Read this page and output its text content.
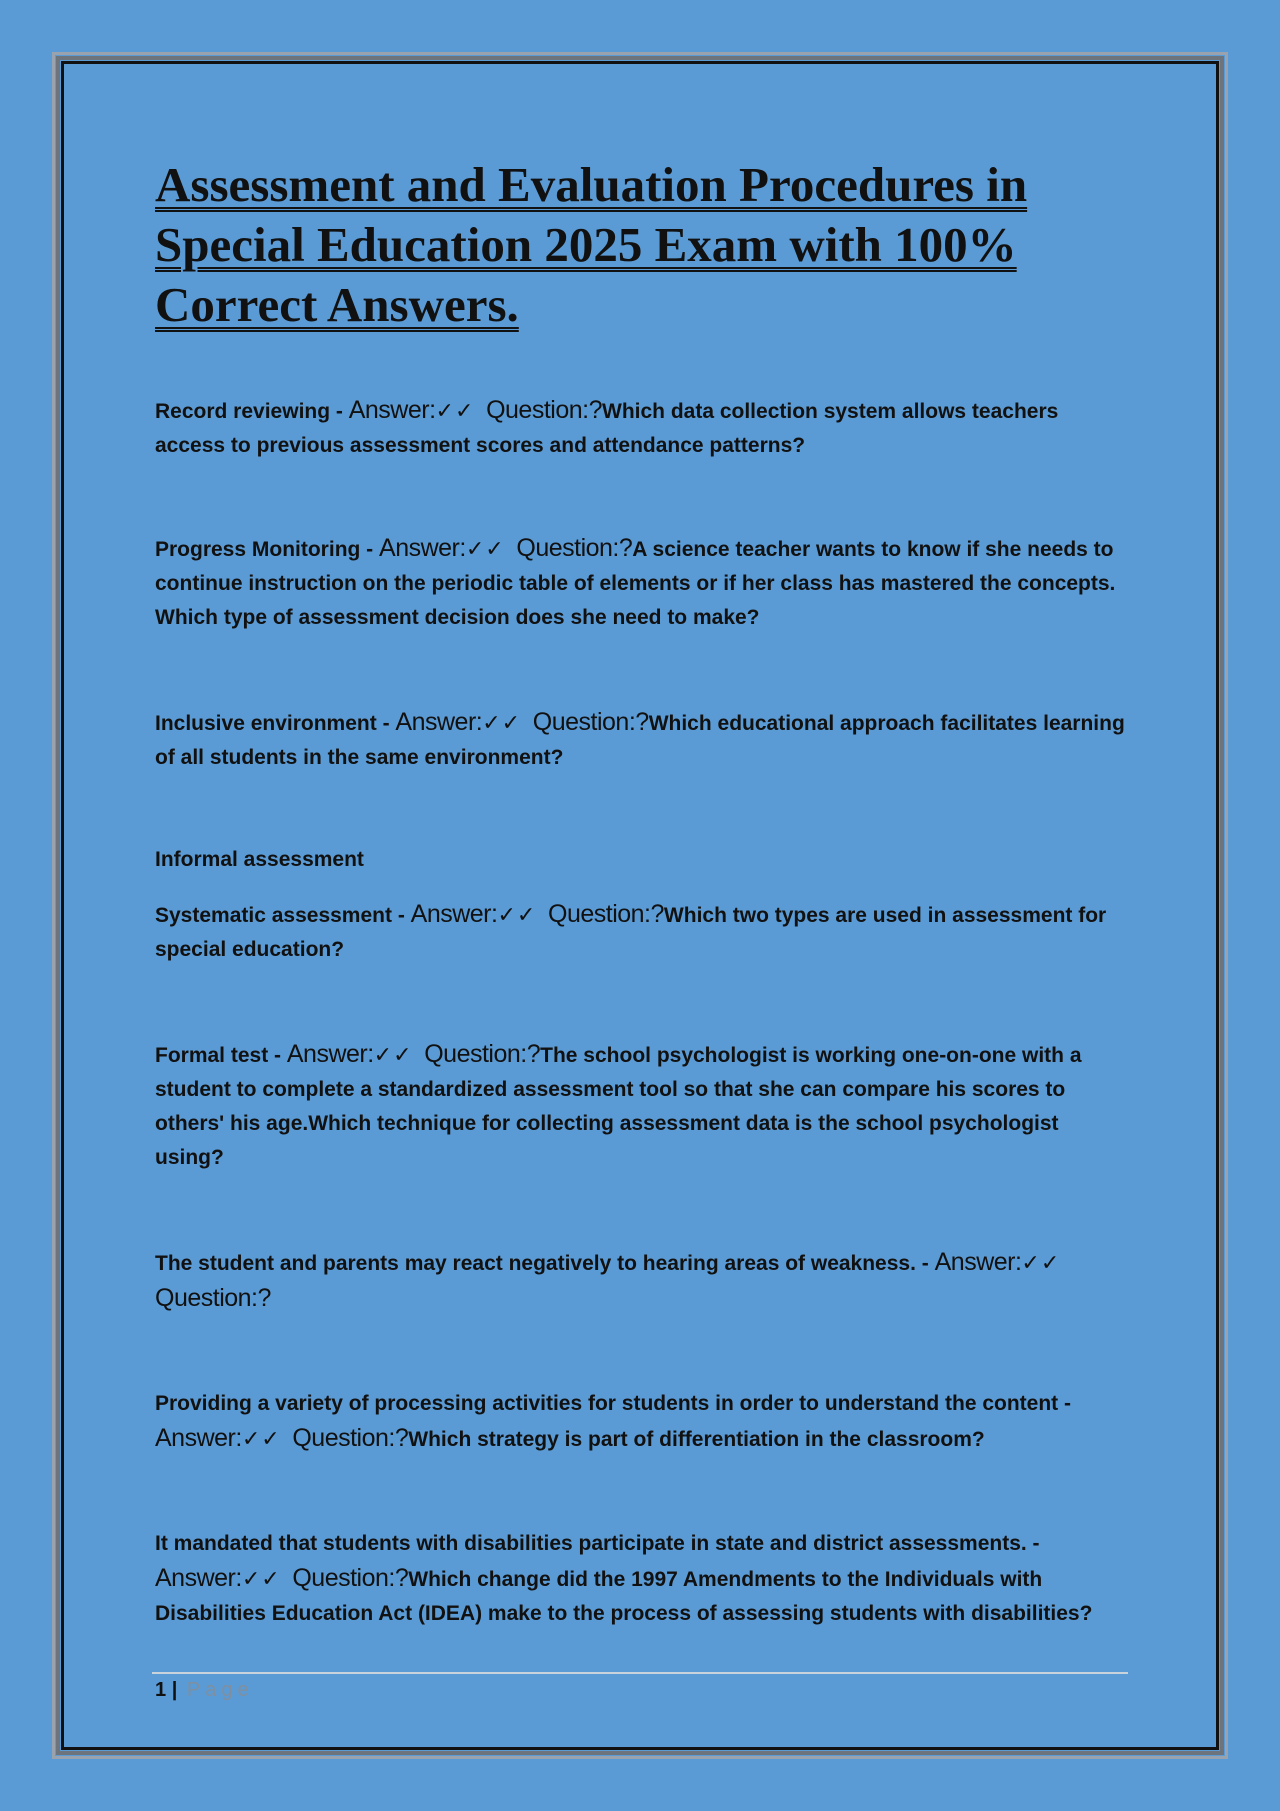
Assessment and Evaluation Procedures in Special Education 2025 Exam with 100% Correct Answers.

Record reviewing - Answer:✓✓ Question:?Which data collection system allows teachers access to previous assessment scores and attendance patterns?

Progress Monitoring - Answer:✓✓ Question:?A science teacher wants to know if she needs to continue instruction on the periodic table of elements or if her class has mastered the concepts. Which type of assessment decision does she need to make?

Inclusive environment - Answer:✓✓ Question:?Which educational approach facilitates learning of all students in the same environment?

Informal assessment

Systematic assessment - Answer:✓✓ Question:?Which two types are used in assessment for special education?

Formal test - Answer:✓✓ Question:?The school psychologist is working one-on-one with a student to complete a standardized assessment tool so that she can compare his scores to others' his age.Which technique for collecting assessment data is the school psychologist using?

The student and parents may react negatively to hearing areas of weakness. - Answer:✓✓  Question:?

Providing a variety of processing activities for students in order to understand the content - Answer:✓✓ Question:?Which strategy is part of differentiation in the classroom?

It mandated that students with disabilities participate in state and district assessments. - Answer:✓✓ Question:?Which change did the 1997 Amendments to the Individuals with Disabilities Education Act (IDEA) make to the process of assessing students with disabilities?

1 | Page
